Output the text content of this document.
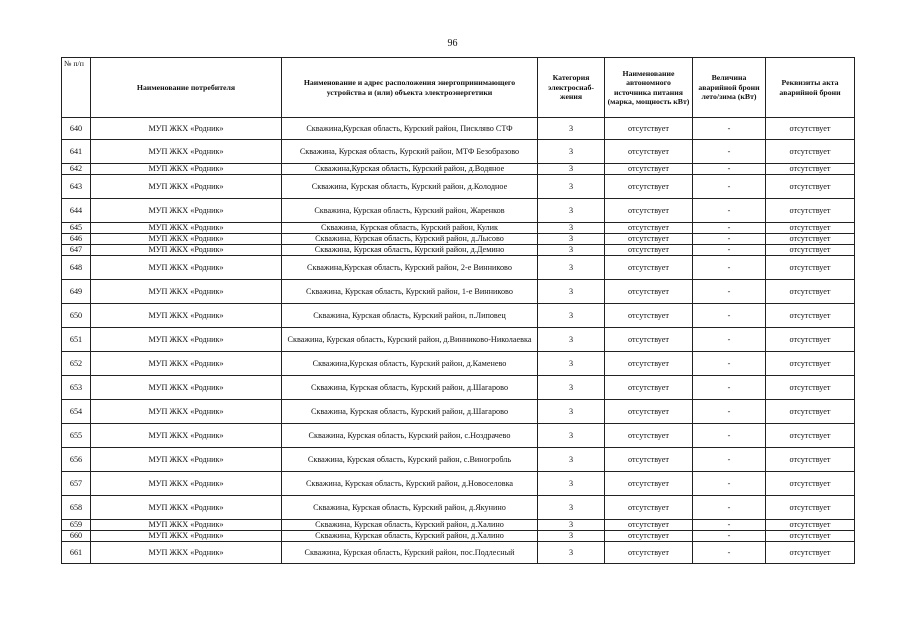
96
№ п/п	Наименование потребителя	Наименование и адрес расположения энергопринимающего устройства и (или) объекта электроэнергетики	Категория электроснаб-жения	Наименование автономного источника питания (марка, мощность кВт)	Величина аварийной брони лето/зима (кВт)	Реквизиты акта аварийной брони
640	МУП ЖКХ «Родник»	Скважина,Курская область, Курский район, Пискляво СТФ	3	отсутствует	-	отсутствует
641	МУП ЖКХ «Родник»	Скважина, Курская область, Курский район, МТФ Безобразово	3	отсутствует	-	отсутствует
642	МУП ЖКХ «Родник»	Скважина,Курская область, Курский район, д.Водяное	3	отсутствует	-	отсутствует
643	МУП ЖКХ «Родник»	Скважина, Курская область, Курский район, д.Колодное	3	отсутствует	-	отсутствует
644	МУП ЖКХ «Родник»	Скважина, Курская область, Курский район, Жаренков	3	отсутствует	-	отсутствует
645	МУП ЖКХ «Родник»	Скважина, Курская область, Курский район, Кулик	3	отсутствует	-	отсутствует
646	МУП ЖКХ «Родник»	Скважина, Курская область, Курский район, д.Лысово	3	отсутствует	-	отсутствует
647	МУП ЖКХ «Родник»	Скважина, Курская область, Курский район, д.Демино	3	отсутствует	-	отсутствует
648	МУП ЖКХ «Родник»	Скважина,Курская область, Курский район, 2-е Винниково	3	отсутствует	-	отсутствует
649	МУП ЖКХ «Родник»	Скважина, Курская область, Курский район, 1-е Винниково	3	отсутствует	-	отсутствует
650	МУП ЖКХ «Родник»	Скважина, Курская область, Курский район, п.Липовец	3	отсутствует	-	отсутствует
651	МУП ЖКХ «Родник»	Скважина, Курская область, Курский район, д.Винниково-Николаевка	3	отсутствует	-	отсутствует
652	МУП ЖКХ «Родник»	Скважина,Курская область, Курский район, д.Каменево	3	отсутствует	-	отсутствует
653	МУП ЖКХ «Родник»	Скважина, Курская область, Курский район, д.Шагарово	3	отсутствует	-	отсутствует
654	МУП ЖКХ «Родник»	Скважина, Курская область, Курский район, д.Шагарово	3	отсутствует	-	отсутствует
655	МУП ЖКХ «Родник»	Скважина, Курская область, Курский район, с.Ноздрачево	3	отсутствует	-	отсутствует
656	МУП ЖКХ «Родник»	Скважина, Курская область, Курский район, с.Виногробль	3	отсутствует	-	отсутствует
657	МУП ЖКХ «Родник»	Скважина, Курская область, Курский район, д.Новоселовка	3	отсутствует	-	отсутствует
658	МУП ЖКХ «Родник»	Скважина, Курская область, Курский район, д.Якунино	3	отсутствует	-	отсутствует
659	МУП ЖКХ «Родник»	Скважина, Курская область, Курский район, д.Халино	3	отсутствует	-	отсутствует
660	МУП ЖКХ «Родник»	Скважина, Курская область, Курский район, д.Халино	3	отсутствует	-	отсутствует
661	МУП ЖКХ «Родник»	Скважина, Курская область, Курский район, пос.Подлесный	3	отсутствует	-	отсутствует
